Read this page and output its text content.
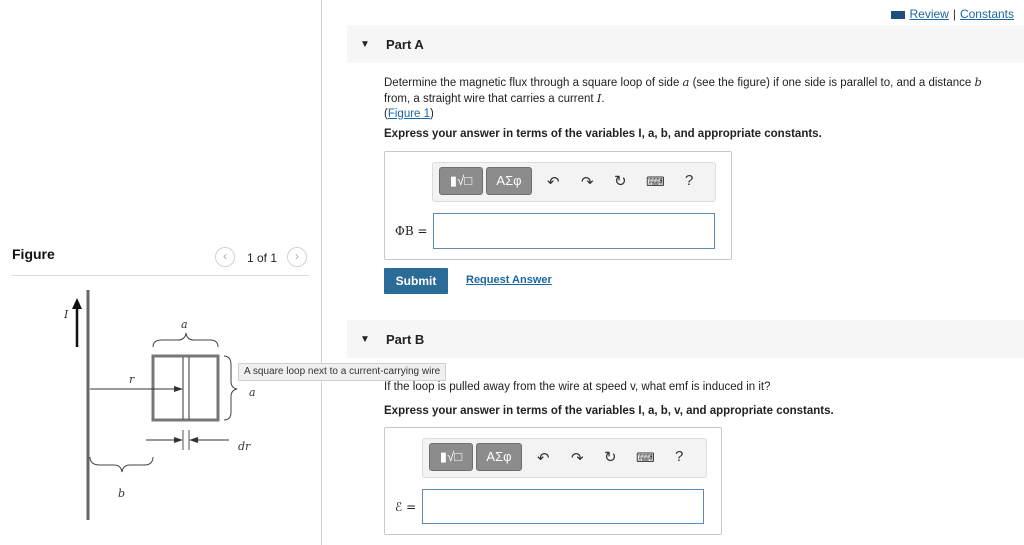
Figure	‹	1 of 1	›
I
a
a
r
dr
b
Review | Constants
▼ Part A
Determine the magnetic flux through a square loop of side a (see the figure) if one side is parallel to, and a distance b
from, a straight wire that carries a current I.
(Figure 1)
Express your answer in terms of the variables I, a, b, and appropriate constants.
▮√□	ΑΣφ	↶ ↷ ↻ ⌨ ?
ΦB =
Submit	Request Answer
▼ Part B
If the loop is pulled away from the wire at speed v, what emf is induced in it?
Express your answer in terms of the variables I, a, b, v, and appropriate constants.
▮√□	ΑΣφ	↶ ↷ ↻ ⌨ ?
ℰ =
A square loop next to a current-carrying wire
